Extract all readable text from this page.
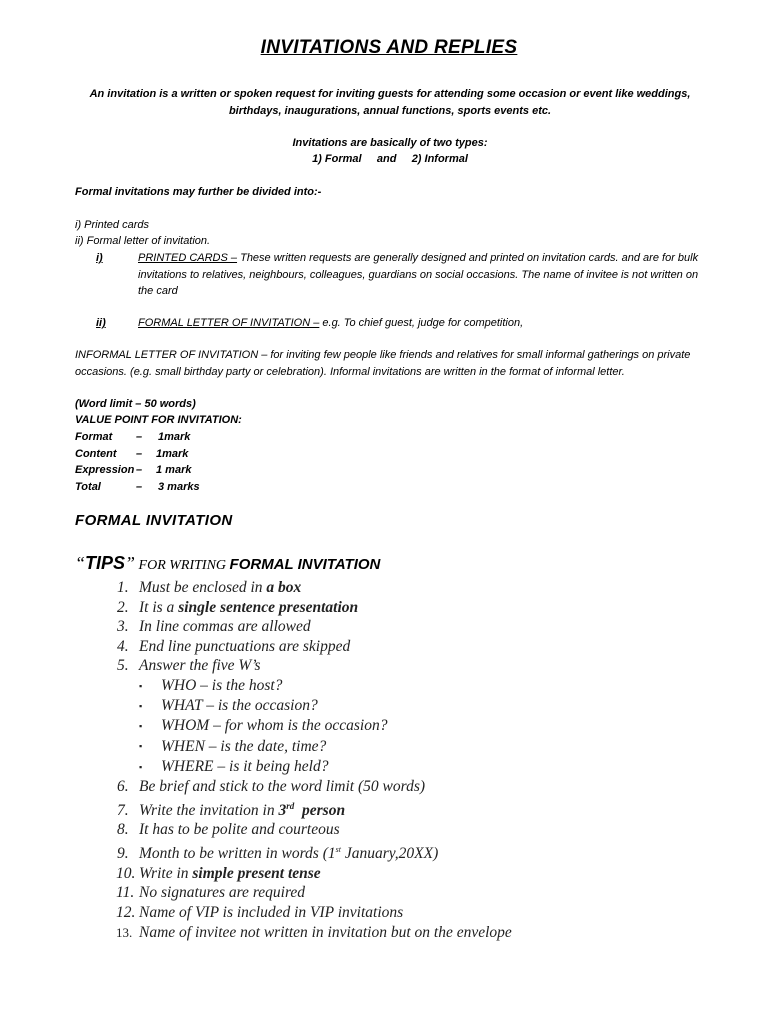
INVITATIONS AND REPLIES
An invitation is a written or spoken request for inviting guests for attending some occasion or event like weddings, birthdays, inaugurations, annual functions, sports events etc.
Invitations are basically of two types:
1) Formal     and     2) Informal
Formal invitations may further be divided into:-
i) Printed cards
ii) Formal letter of invitation.
i)	PRINTED CARDS – These written requests are generally designed and printed on invitation cards. and are for bulk invitations to relatives, neighbours, colleagues, guardians on social occasions. The name of invitee is not written on the card
ii)	FORMAL LETTER OF INVITATION – e.g. To chief guest, judge for competition,
INFORMAL LETTER OF INVITATION – for inviting few people like friends and relatives for small informal gatherings on private occasions. (e.g. small birthday party or celebration). Informal invitations are written in the format of informal letter.
(Word limit – 50 words)
VALUE POINT FOR INVITATION:
Format – 1mark
Content – 1mark
Expression – 1 mark
Total	– 3 marks
FORMAL INVITATION
“TIPS” FOR WRITING FORMAL INVITATION
1. Must be enclosed in a box
2. It is a single sentence presentation
3. In line commas are allowed
4. End line punctuations are skipped
5. Answer the five W’s
▪ WHO – is the host?
▪ WHAT – is the occasion?
▪ WHOM – for whom is the occasion?
▪ WHEN – is the date, time?
▪ WHERE – is it being held?
6. Be brief and stick to the word limit (50 words)
7. Write the invitation in 3rd  person
8. It has to be polite and courteous
9. Month to be written in words (1st January,20XX)
10. Write in simple present tense
11. No signatures are required
12. Name of VIP is included in VIP invitations
13. Name of invitee not written in invitation but on the envelope
